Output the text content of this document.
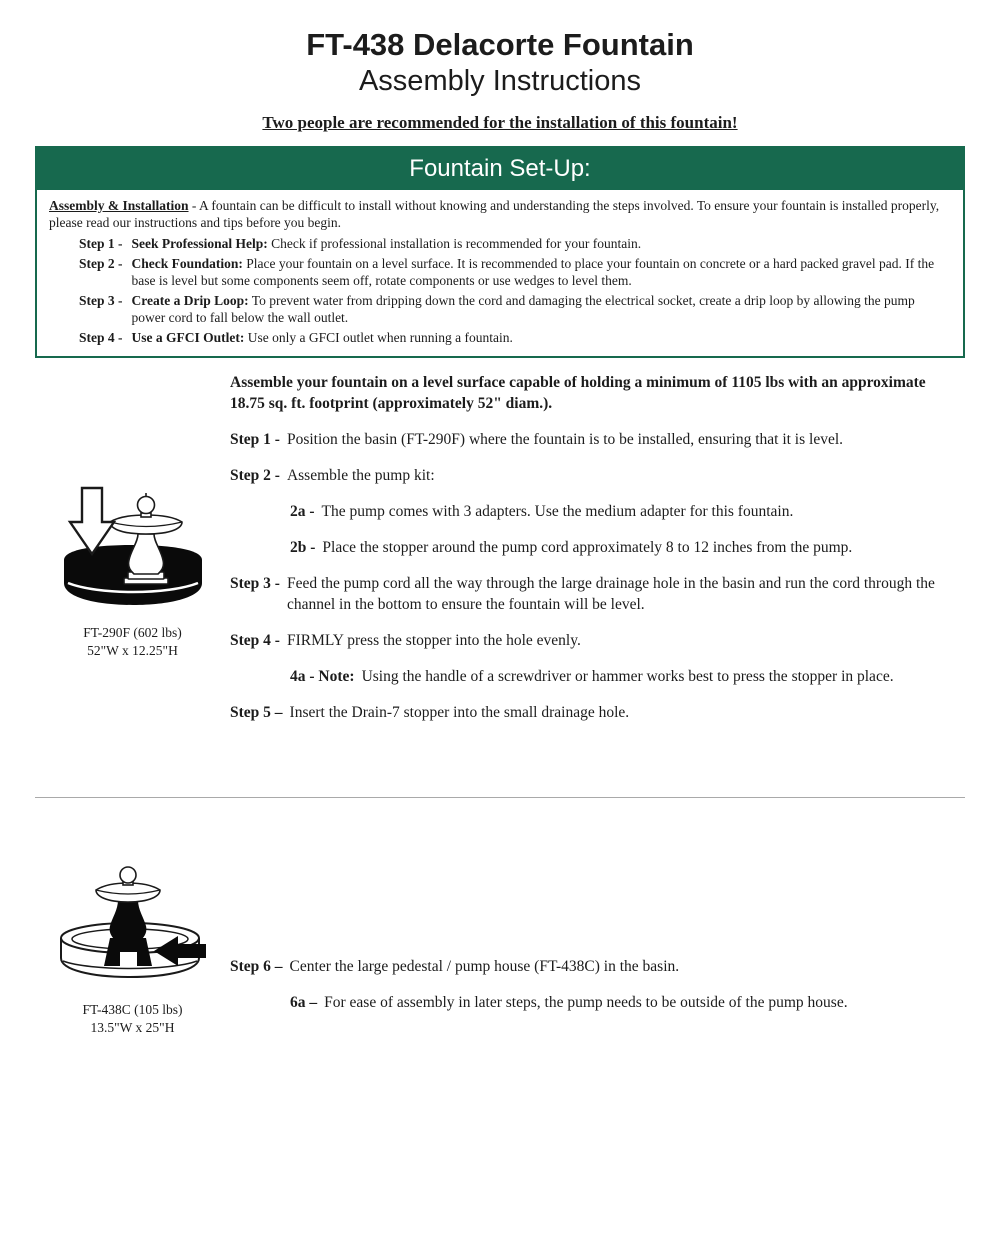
FT-438 Delacorte Fountain
Assembly Instructions
Two people are recommended for the installation of this fountain!
Fountain Set-Up:

Assembly & Installation - A fountain can be difficult to install without knowing and understanding the steps involved. To ensure your fountain is installed properly, please read our instructions and tips before you begin.

Step 1 - Seek Professional Help: Check if professional installation is recommended for your fountain.
Step 2 - Check Foundation: Place your fountain on a level surface. It is recommended to place your fountain on concrete or a hard packed gravel pad. If the base is level but some components seem off, rotate components or use wedges to level them.
Step 3 - Create a Drip Loop: To prevent water from dripping down the cord and damaging the electrical socket, create a drip loop by allowing the pump power cord to fall below the wall outlet.
Step 4 - Use a GFCI Outlet: Use only a GFCI outlet when running a fountain.
FT-290F (602 lbs)
52"W x 12.25"H

Assemble your fountain on a level surface capable of holding a minimum of 1105 lbs with an approximate 18.75 sq. ft. footprint (approximately 52" diam.).

Step 1 - Position the basin (FT-290F) where the fountain is to be installed, ensuring that it is level.
Step 2 - Assemble the pump kit:
2a - The pump comes with 3 adapters. Use the medium adapter for this fountain.
2b - Place the stopper around the pump cord approximately 8 to 12 inches from the pump.
Step 3 - Feed the pump cord all the way through the large drainage hole in the basin and run the cord through the channel in the bottom to ensure the fountain will be level.
Step 4 - FIRMLY press the stopper into the hole evenly.
4a - Note: Using the handle of a screwdriver or hammer works best to press the stopper in place.
Step 5 – Insert the Drain-7 stopper into the small drainage hole.
FT-438C (105 lbs)
13.5"W x 25"H
Step 6 – Center the large pedestal / pump house (FT-438C) in the basin.
6a – For ease of assembly in later steps, the pump needs to be outside of the pump house.
